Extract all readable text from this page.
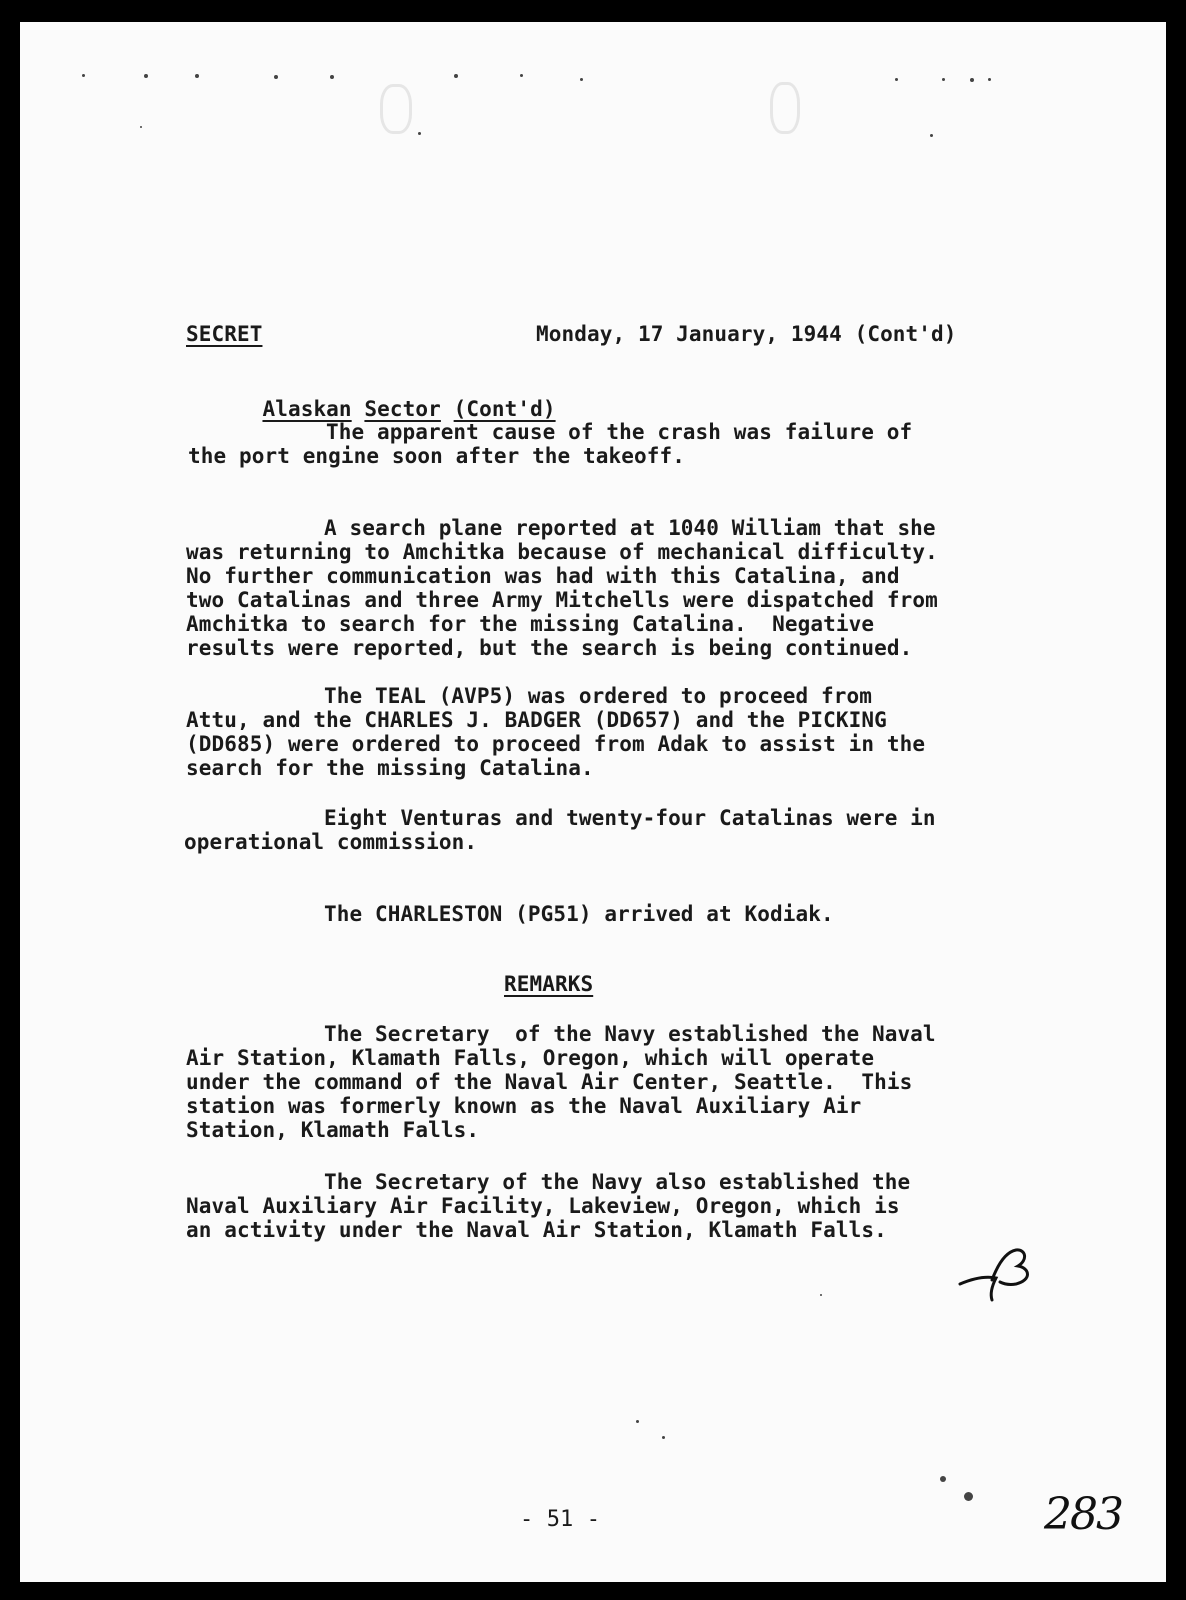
SECRET	Monday, 17 January, 1944 (Cont'd)

Alaskan Sector (Cont'd)

The apparent cause of the crash was failure of
the port engine soon after the takeoff.
A search plane reported at 1040 William that she
was returning to Amchitka because of mechanical difficulty.
No further communication was had with this Catalina, and
two Catalinas and three Army Mitchells were dispatched from
Amchitka to search for the missing Catalina.  Negative
results were reported, but the search is being continued.
The TEAL (AVP5) was ordered to proceed from
Attu, and the CHARLES J. BADGER (DD657) and the PICKING
(DD685) were ordered to proceed from Adak to assist in the
search for the missing Catalina.
Eight Venturas and twenty-four Catalinas were in
operational commission.
The CHARLESTON (PG51) arrived at Kodiak.
REMARKS
The Secretary  of the Navy established the Naval
Air Station, Klamath Falls, Oregon, which will operate
under the command of the Naval Air Center, Seattle.  This
station was formerly known as the Naval Auxiliary Air
Station, Klamath Falls.
The Secretary of the Navy also established the
Naval Auxiliary Air Facility, Lakeview, Oregon, which is
an activity under the Naval Air Station, Klamath Falls.	ß
- 51 -	283
